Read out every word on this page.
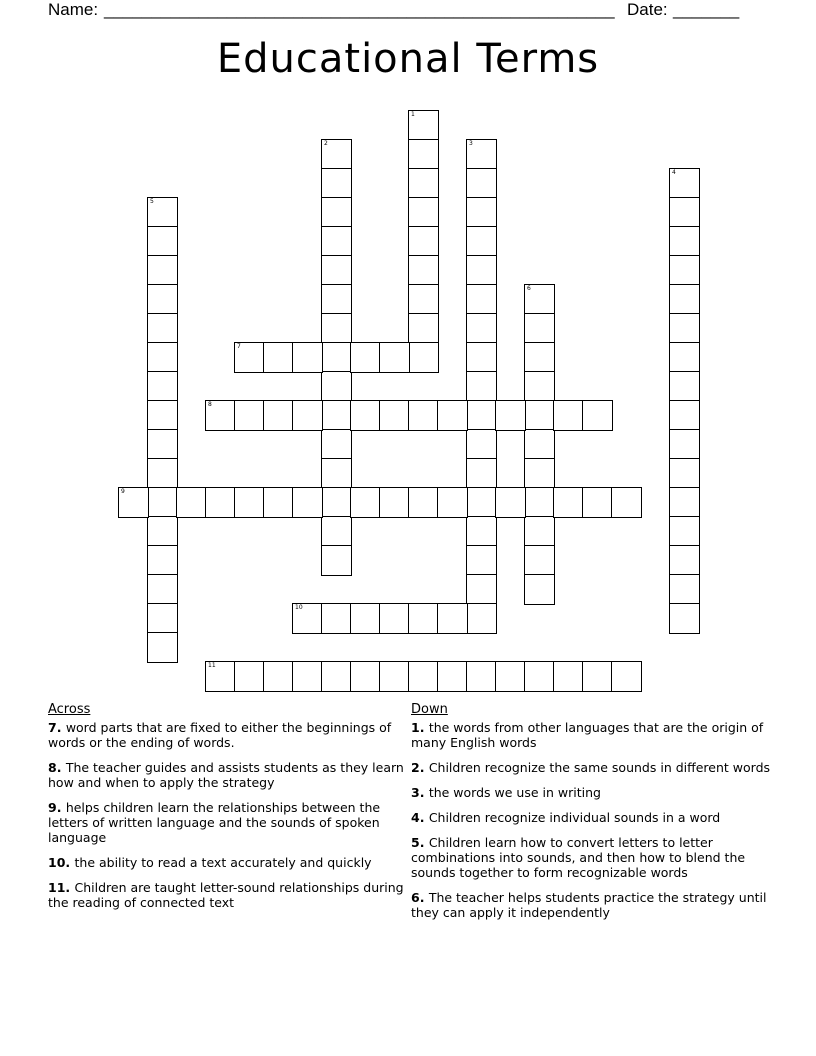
Name: ______________________________________________________ Date: _______
Educational Terms
1
2	3
4
5
6
7
8
9
10
11
Across
7. word parts that are fixed to either the beginnings of words or the ending of words.
8. The teacher guides and assists students as they learn how and when to apply the strategy
9. helps children learn the relationships between the letters of written language and the sounds of spoken language
10. the ability to read a text accurately and quickly
11. Children are taught letter-sound relationships during the reading of connected text
Down
1. the words from other languages that are the origin of many English words
2. Children recognize the same sounds in different words
3. the words we use in writing
4. Children recognize individual sounds in a word
5. Children learn how to convert letters to letter combinations into sounds, and then how to blend the sounds together to form recognizable words
6. The teacher helps students practice the strategy until they can apply it independently
